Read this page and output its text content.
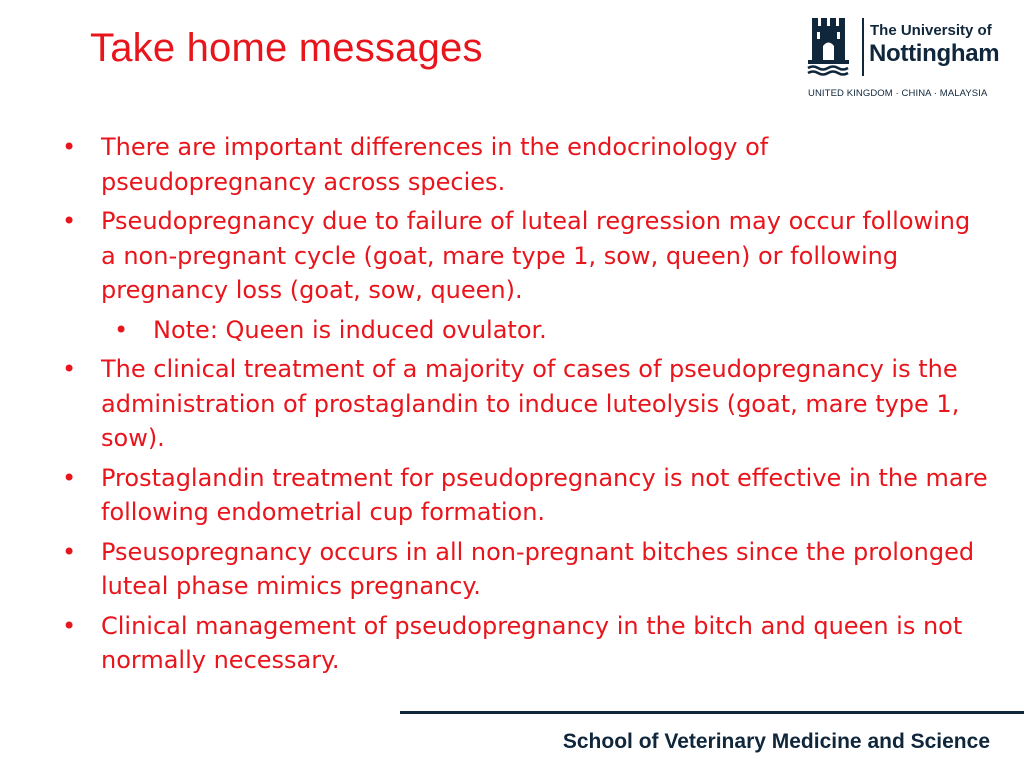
Take home messages	The University of
Nottingham
UNITED KINGDOM · CHINA · MALAYSIA
• There are important differences in the endocrinology of pseudopregnancy across species.
• Pseudopregnancy due to failure of luteal regression may occur following a non-pregnant cycle (goat, mare type 1, sow, queen) or following pregnancy loss (goat, sow, queen).
• Note: Queen is induced ovulator.
• The clinical treatment of a majority of cases of pseudopregnancy is the administration of prostaglandin to induce luteolysis (goat, mare type 1, sow).
• Prostaglandin treatment for pseudopregnancy is not effective in the mare following endometrial cup formation.
• Pseusopregnancy occurs in all non-pregnant bitches since the prolonged luteal phase mimics pregnancy.
• Clinical management of pseudopregnancy in the bitch and queen is not normally necessary.
School of Veterinary Medicine and Science
